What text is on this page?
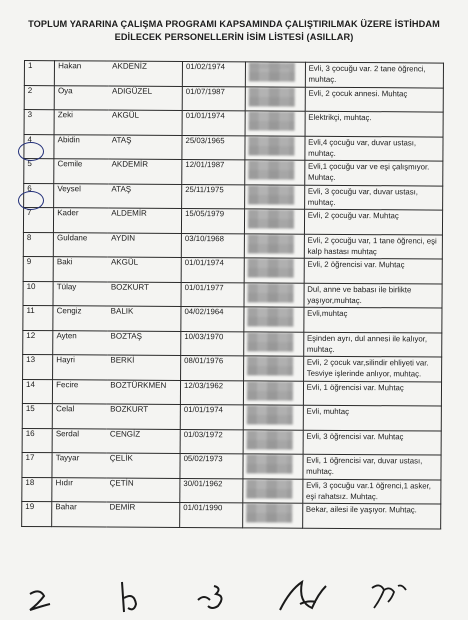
TOPLUM YARARINA ÇALIŞMA PROGRAMI KAPSAMINDA ÇALIŞTIRILMAK ÜZERE İSTİHDAM
EDİLECEK PERSONELLERİN İSİM LİSTESİ (ASILLAR)
1	Hakan	AKDENİZ	01/02/1974	56500005104	Evli, 3 çocuğu var. 2 tane öğrenci, muhtaç.
2	Oya	ADIGÜZEL	01/07/1987		Evli, 2 çocuk annesi. Muhtaç
3	Zeki	AKGÜL	01/01/1974		Elektrikçi, muhtaç.
4	Abidin	ATAŞ	25/03/1965		Evli,4 çocuğu var, duvar ustası, muhtaç.
5	Cemile	AKDEMİR	12/01/1987		Evli,1 çocuğu var ve eşi çalışmıyor. Muhtaç.
6	Veysel	ATAŞ	25/11/1975		Evli, 3 çocuğu var, duvar ustası, muhtaç.
7	Kader	ALDEMİR	15/05/1979		Evli, 2 çocuğu var. Muhtaç
8	Guldane	AYDIN	03/10/1968		Evli, 2 çocuğu var, 1 tane öğrenci, eşi kalp hastası muhtaç
9	Baki	AKGÜL	01/01/1974		Evli, 2 öğrencisi var. Muhtaç
10	Tülay	BOZKURT	01/01/1977		Dul, anne ve babası ile birlikte yaşıyor,muhtaç.
11	Cengiz	BALIK	04/02/1964		Evli,muhtaç
12	Ayten	BOZTAŞ	10/03/1970		Eşinden ayrı, dul annesi ile kalıyor, muhtaç.
13	Hayri	BERKİ	08/01/1976		Evli, 2 çocuk var,silindir ehliyeti var. Tesviye işlerinde anlıyor, muhtaç.
14	Fecire	BOZTÜRKMEN	12/03/1962		Evli, 1 öğrencisi var. Muhtaç
15	Celal	BOZKURT	01/01/1974		Evli, muhtaç
16	Serdal	CENGİZ	01/03/1972		Evli, 3 öğrencisi var. Muhtaç
17	Tayyar	ÇELİK	05/02/1973		Evli, 1 öğrencisi var, duvar ustası, muhtaç.
18	Hıdır	ÇETİN	30/01/1962		Evli, 3 çocuğu var.1 öğrenci,1 asker, eşi rahatsız. Muhtaç.
19	Bahar	DEMİR	01/01/1990		Bekar, ailesi ile yaşıyor. Muhtaç.
